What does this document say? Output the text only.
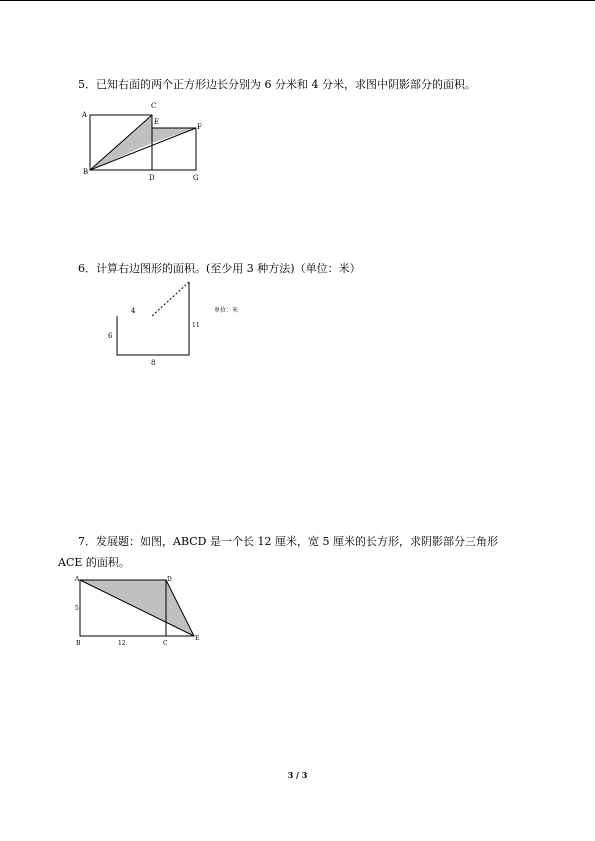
5．已知右面的两个正方形边长分别为 6 分米和 4 分米，求图中阴影部分的面积。
6．计算右边图形的面积。(至少用 3 种方法)（单位：米）
7．发展题：如图，ABCD 是一个长 12 厘米，宽 5 厘米的长方形，求阴影部分三角形
ACE 的面积。
A
C
E
F
B
D	G
4
6
8
11
单位：米
A	D
5
B	12	C
E
3 / 3
